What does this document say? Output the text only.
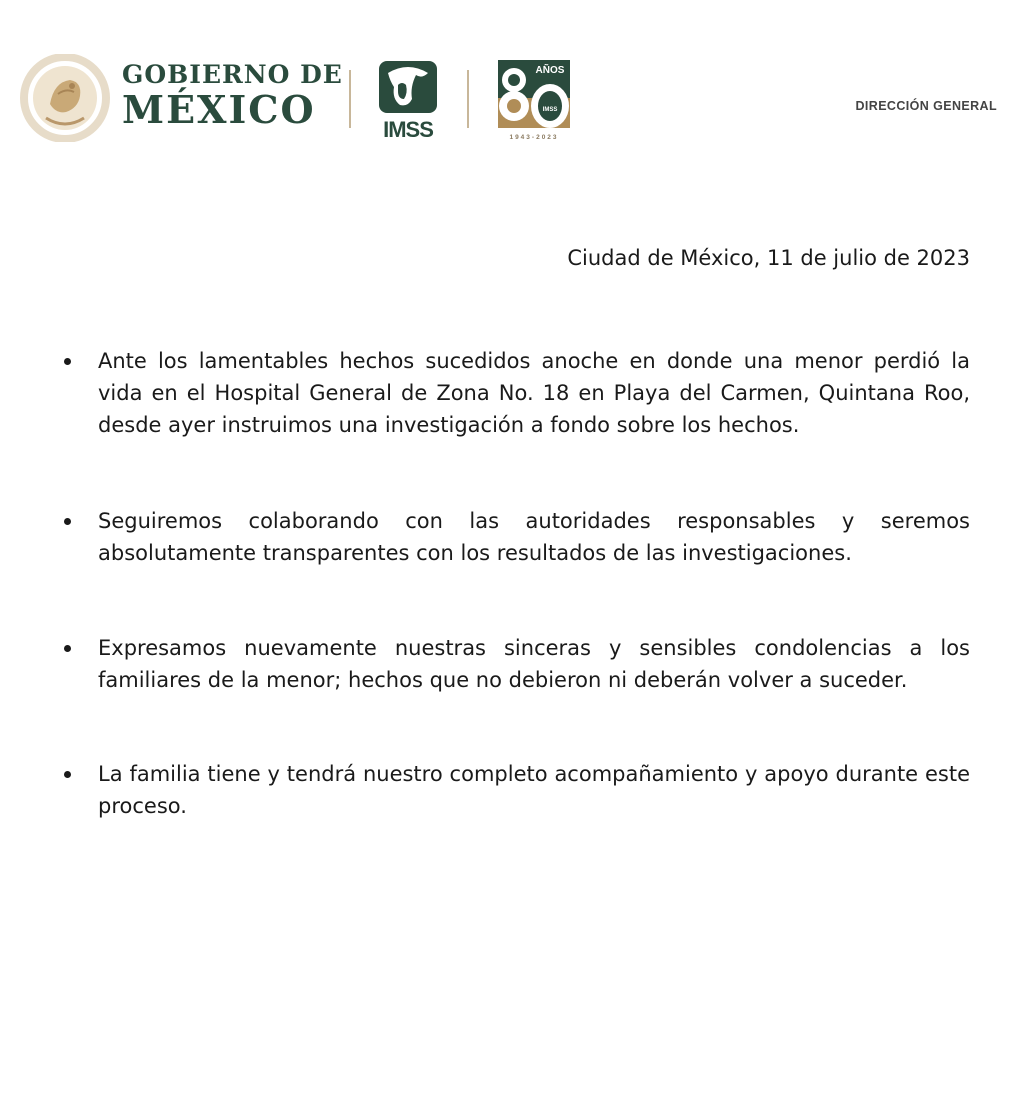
GOBIERNO DE
MÉXICO	IMSS
IMSS
AÑOS
1943-2023
DIRECCIÓN GENERAL
Ciudad de México, 11 de julio de 2023
Ante los lamentables hechos sucedidos anoche en donde una menor perdió la vida en el Hospital General de Zona No. 18 en Playa del Carmen, Quintana Roo, desde ayer instruimos una investigación a fondo sobre los hechos.
Seguiremos colaborando con las autoridades responsables y seremos absolutamente transparentes con los resultados de las investigaciones.
Expresamos nuevamente nuestras sinceras y sensibles condolencias a los familiares de la menor; hechos que no debieron ni deberán volver a suceder.
La familia tiene y tendrá nuestro completo acompañamiento y apoyo durante este proceso.
